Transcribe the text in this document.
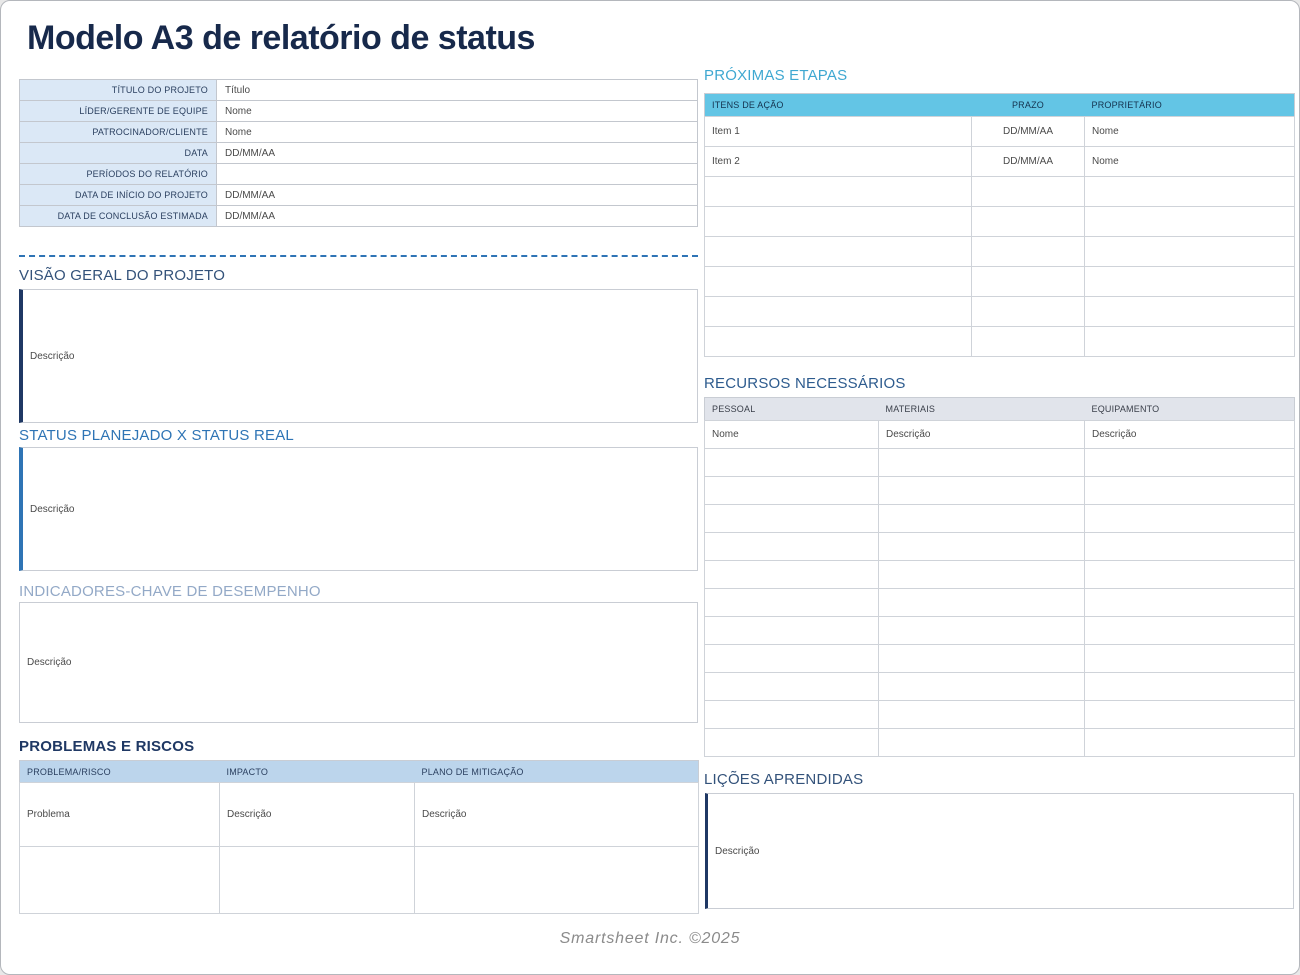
Modelo A3 de relatório de status
TÍTULO DO PROJETO	Título
LÍDER/GERENTE DE EQUIPE	Nome
PATROCINADOR/CLIENTE	Nome
DATA	DD/MM/AA
PERÍODOS DO RELATÓRIO	
DATA DE INÍCIO DO PROJETO	DD/MM/AA
DATA DE CONCLUSÃO ESTIMADA	DD/MM/AA
VISÃO GERAL DO PROJETO
Descrição
STATUS PLANEJADO X STATUS REAL
Descrição
INDICADORES-CHAVE DE DESEMPENHO
Descrição
PROBLEMAS E RISCOS
PROBLEMA/RISCO	IMPACTO	PLANO DE MITIGAÇÃO
Problema	Descrição	Descrição

PRÓXIMAS ETAPAS
ITENS DE AÇÃO	PRAZO	PROPRIETÁRIO
Item 1	DD/MM/AA	Nome
Item 2	DD/MM/AA	Nome

RECURSOS NECESSÁRIOS
PESSOAL	MATERIAIS	EQUIPAMENTO
Nome	Descrição	Descrição

LIÇÕES APRENDIDAS
Descrição
Smartsheet Inc. ©2025
